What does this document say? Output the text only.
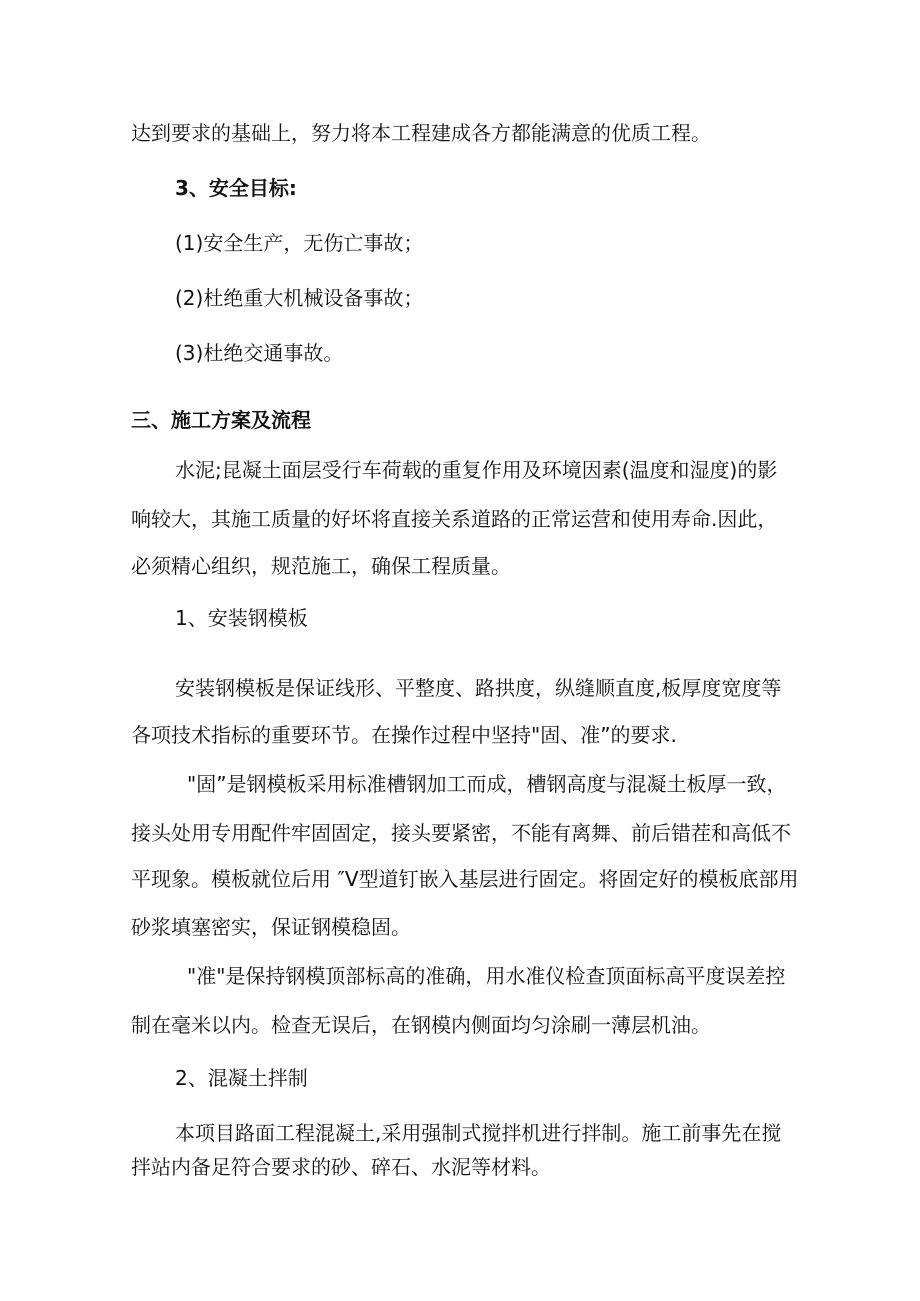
达到要求的基础上，努力将本工程建成各方都能满意的优质工程。

3、安全目标:

(1)安全生产，无伤亡事故；

(2)杜绝重大机械设备事故；

(3)杜绝交通事故。

三、施工方案及流程

水泥;昆凝土面层受行车荷载的重复作用及环境因素(温度和湿度)的影

响较大，其施工质量的好坏将直接关系道路的正常运营和使用寿命.因此，

必须精心组织，规范施工，确保工程质量。

1、安装钢模板

安装钢模板是保证线形、平整度、路拱度，纵缝顺直度,板厚度宽度等

各项技术指标的重要环节。在操作过程中坚持"固、准”的要求.

"固”是钢模板采用标准槽钢加工而成，槽钢高度与混凝土板厚一致，

接头处用专用配件牢固固定，接头要紧密，不能有离舞、前后错茬和高低不

平现象。模板就位后用 ″V型道钉嵌入基层进行固定。将固定好的模板底部用

砂浆填塞密实，保证钢模稳固。

"准"是保持钢模顶部标高的准确，用水准仪检查顶面标高平度误差控

制在毫米以内。检查无误后，在钢模内侧面均匀涂刷一薄层机油。

2、混凝土拌制

本项目路面工程混凝土,采用强制式搅拌机进行拌制。施工前事先在搅

拌站内备足符合要求的砂、碎石、水泥等材料。
